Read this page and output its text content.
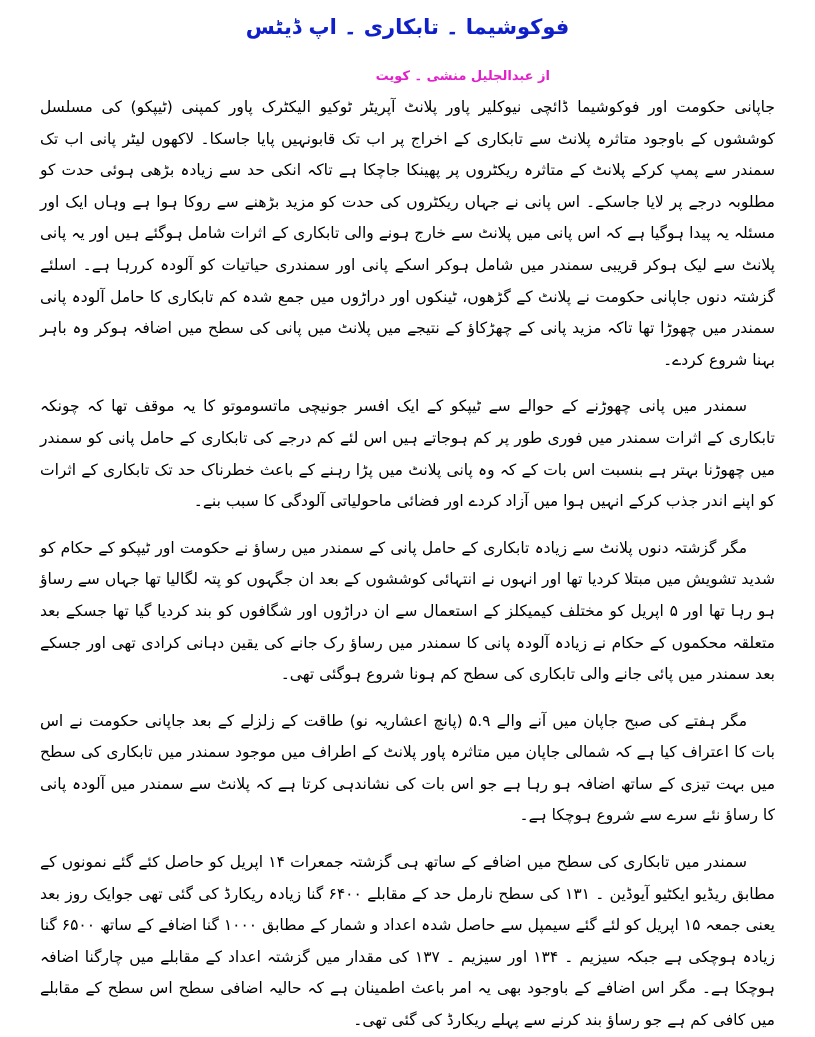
فوکوشیما ۔ تابکاری ۔ اپ ڈیٹس
از عبدالجلیل منشی ۔ کویت

جاپانی حکومت اور فوکوشیما ڈائچی نیوکلیر پاور پلانٹ آپریٹر ٹوکیو الیکٹرک پاور کمپنی (ٹیپکو) کی مسلسل کوششوں کے باوجود متاثرہ پلانٹ سے تابکاری کے اخراج پر اب تک قابونہیں پایا جاسکا۔ لاکھوں لیٹر پانی اب تک سمندر سے پمپ کرکے پلانٹ کے متاثرہ ریکٹروں پر پھینکا جاچکا ہے تاکہ انکی حد سے زیادہ بڑھی ہوئی حدت کو مطلوبہ درجے پر لایا جاسکے۔ اس پانی نے جہاں ریکٹروں کی حدت کو مزید بڑھنے سے روکا ہوا ہے وہاں ایک اور مسئلہ یہ پیدا ہوگیا ہے کہ اس پانی میں پلانٹ سے خارج ہونے والی تابکاری کے اثرات شامل ہوگئے ہیں اور یہ پانی پلانٹ سے لیک ہوکر قریبی سمندر میں شامل ہوکر اسکے پانی اور سمندری حیاتیات کو آلودہ کررہا ہے۔ اسلئے گزشتہ دنوں جاپانی حکومت نے پلانٹ کے گڑھوں، ٹینکوں اور دراڑوں میں جمع شدہ کم تابکاری کا حامل آلودہ پانی سمندر میں چھوڑا تھا تاکہ مزید پانی کے چھڑکاؤ کے نتیجے میں پلانٹ میں پانی کی سطح میں اضافہ ہوکر وہ باہر بہنا شروع کردے۔

سمندر میں پانی چھوڑنے کے حوالے سے ٹیپکو کے ایک افسر جونیچی ماتسوموتو کا یہ موقف تھا کہ چونکہ تابکاری کے اثرات سمندر میں فوری طور پر کم ہوجاتے ہیں اس لئے کم درجے کی تابکاری کے حامل پانی کو سمندر میں چھوڑنا بہتر ہے بنسبت اس بات کے کہ وہ پانی پلانٹ میں پڑا رہنے کے باعث خطرناک حد تک تابکاری کے اثرات کو اپنے اندر جذب کرکے انہیں ہوا میں آزاد کردے اور فضائی ماحولیاتی آلودگی کا سبب بنے۔

مگر گزشتہ دنوں پلانٹ سے زیادہ تابکاری کے حامل پانی کے سمندر میں رساؤ نے حکومت اور ٹیپکو کے حکام کو شدید تشویش میں مبتلا کردیا تھا اور انہوں نے انتہائی کوششوں کے بعد ان جگہوں کو پتہ لگالیا تھا جہاں سے رساؤ ہو رہا تھا اور ۵ اپریل کو مختلف کیمیکلز کے استعمال سے ان دراڑوں اور شگافوں کو بند کردیا گیا تھا جسکے بعد متعلقہ محکموں کے حکام نے زیادہ آلودہ پانی کا سمندر میں رساؤ رک جانے کی یقین دہانی کرادی تھی اور جسکے بعد سمندر میں پائی جانے والی تابکاری کی سطح کم ہونا شروع ہوگئی تھی۔

مگر ہفتے کی صبح جاپان میں آنے والے ۵.۹ (پانچ اعشاریہ نو) طاقت کے زلزلے کے بعد جاپانی حکومت نے اس بات کا اعتراف کیا ہے کہ شمالی جاپان میں متاثرہ پاور پلانٹ کے اطراف میں موجود سمندر میں تابکاری کی سطح میں بہت تیزی کے ساتھ اضافہ ہو رہا ہے جو اس بات کی نشاندہی کرتا ہے کہ پلانٹ سے سمندر میں آلودہ پانی کا رساؤ نئے سرے سے شروع ہوچکا ہے۔

سمندر میں تابکاری کی سطح میں اضافے کے ساتھ ہی گزشتہ جمعرات ۱۴ اپریل کو حاصل کئے گئے نمونوں کے مطابق ریڈیو ایکٹیو آیوڈین ۔ ۱۳۱ کی سطح نارمل حد کے مقابلے ۶۴۰۰ گنا زیادہ ریکارڈ کی گئی تھی جوایک روز بعد یعنی جمعہ ۱۵ اپریل کو لئے گئے سیمپل سے حاصل شدہ اعداد و شمار کے مطابق ۱۰۰۰ گنا اضافے کے ساتھ ۶۵۰۰ گنا زیادہ ہوچکی ہے جبکہ سیزیم ۔ ۱۳۴ اور سیزیم ۔ ۱۳۷ کی مقدار میں گزشتہ اعداد کے مقابلے میں چارگنا اضافہ ہوچکا ہے۔ مگر اس اضافے کے باوجود بھی یہ امر باعث اطمینان ہے کہ حالیہ اضافی سطح اس سطح کے مقابلے میں کافی کم ہے جو رساؤ بند کرنے سے پہلے ریکارڈ کی گئی تھی۔
